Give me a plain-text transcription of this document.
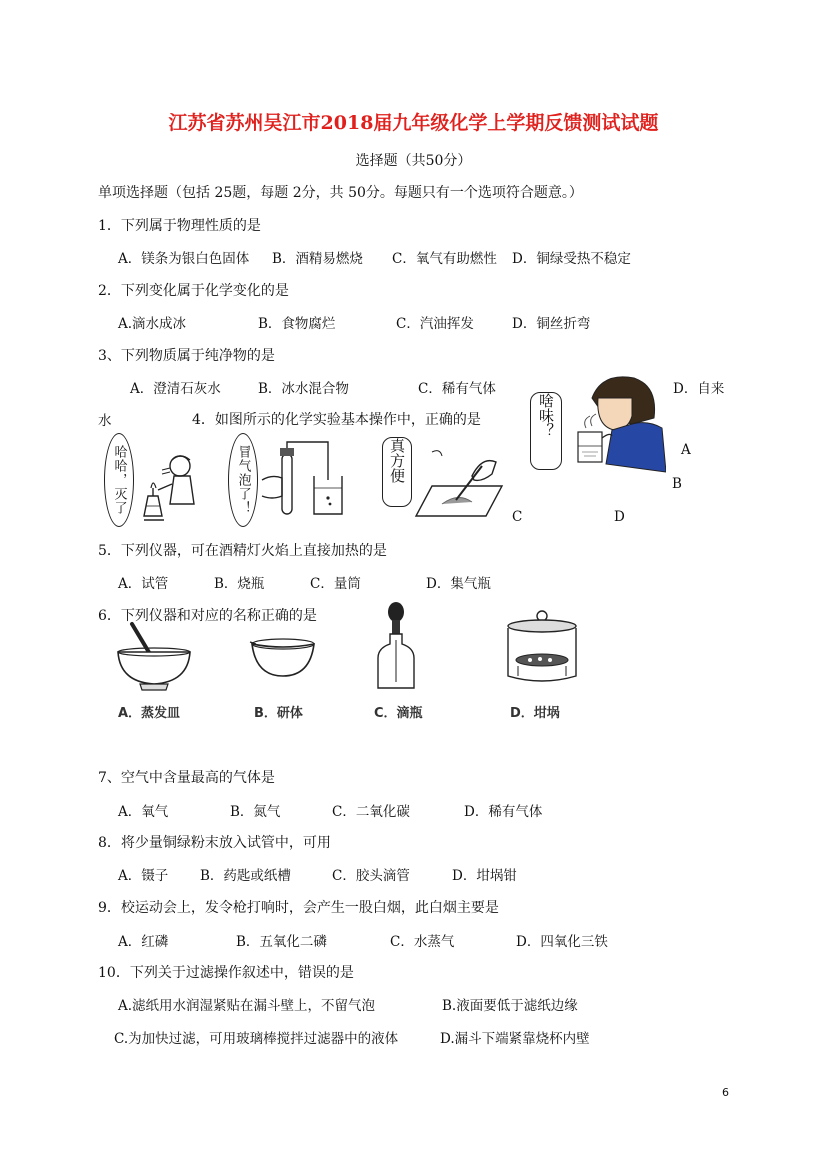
江苏省苏州吴江市2018届九年级化学上学期反馈测试试题
选择题（共50分）
单项选择题（包括 25题，每题 2分，共 50分。每题只有一个选项符合题意。）
1．下列属于物理性质的是
A．镁条为银白色固体 B．酒精易燃烧 C．氧气有助燃性 D．铜绿受热不稳定
2．下列变化属于化学变化的是
A.滴水成冰	B．食物腐烂	C．汽油挥发	D．铜丝折弯
3、下列物质属于纯净物的是
A．澄清石灰水	B．冰水混合物	C．稀有气体	D．自来
水	4．如图所示的化学实验基本操作中，正确的是
哈哈，灭了	冒气泡了！	真方便
啥味？
A
B
C	D
5．下列仪器，可在酒精灯火焰上直接加热的是
A．试管	B．烧瓶	C．量筒	D．集气瓶
6．下列仪器和对应的名称正确的是
A．蒸发皿	B．研体	C．滴瓶	D．坩埚
7、空气中含量最高的气体是
A．氧气	B．氮气	C．二氧化碳	D．稀有气体
8．将少量铜绿粉末放入试管中，可用
A．镊子 B．药匙或纸槽	C．胶头滴管	D．坩埚钳
9．校运动会上，发令枪打响时，会产生一股白烟，此白烟主要是
A．红磷	B．五氧化二磷	C．水蒸气	D．四氧化三铁
10．下列关于过滤操作叙述中，错误的是
A.滤纸用水润湿紧贴在漏斗壁上，不留气泡	B.液面要低于滤纸边缘
C.为加快过滤，可用玻璃棒搅拌过滤器中的液体	D.漏斗下端紧靠烧杯内壁
6
